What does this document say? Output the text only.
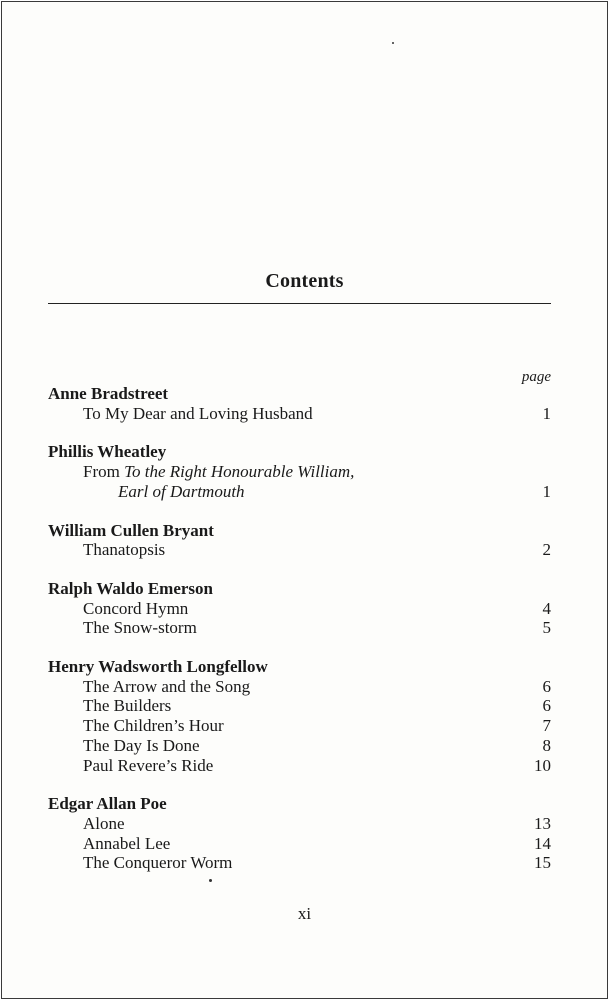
Contents
page
Anne Bradstreet
To My Dear and Loving Husband	1
Phillis Wheatley
From To the Right Honourable William,
Earl of Dartmouth	1
William Cullen Bryant
Thanatopsis	2
Ralph Waldo Emerson
Concord Hymn	4
The Snow-storm	5
Henry Wadsworth Longfellow
The Arrow and the Song	6
The Builders	6
The Children’s Hour	7
The Day Is Done	8
Paul Revere’s Ride	10
Edgar Allan Poe
Alone	13
Annabel Lee	14
The Conqueror Worm	15
xi
